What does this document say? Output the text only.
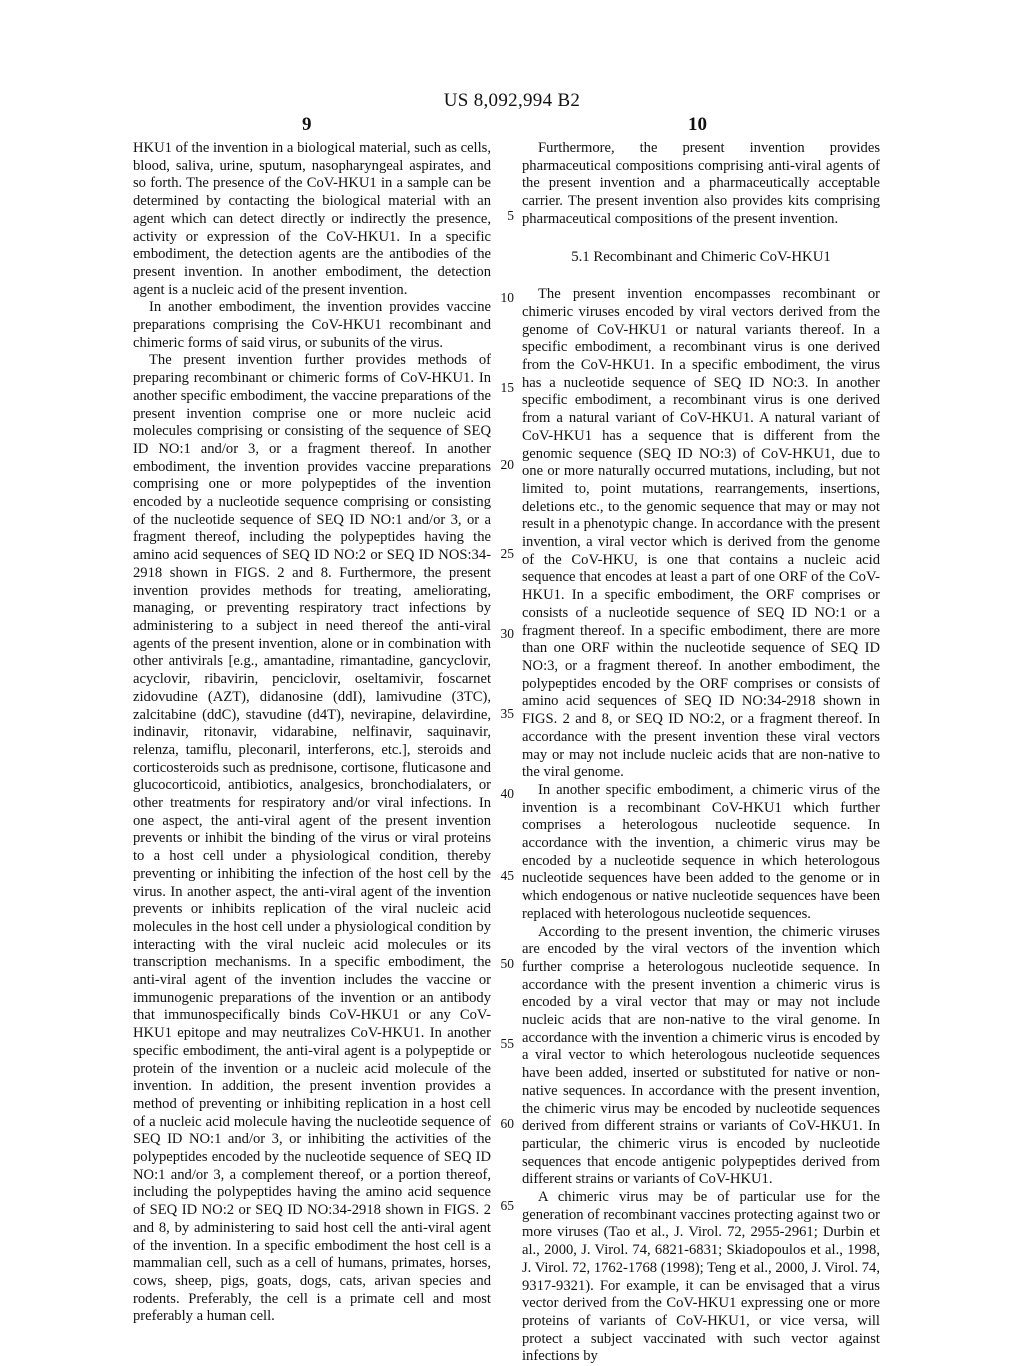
US 8,092,994 B2
9	10

HKU1 of the invention in a biological material, such as cells, blood, saliva, urine, sputum, nasopharyngeal aspirates, and so forth. The presence of the CoV-HKU1 in a sample can be determined by contacting the biological material with an agent which can detect directly or indirectly the presence, activity or expression of the CoV-HKU1. In a specific embodiment, the detection agents are the antibodies of the present invention. In another embodiment, the detection agent is a nucleic acid of the present invention.

In another embodiment, the invention provides vaccine preparations comprising the CoV-HKU1 recombinant and chimeric forms of said virus, or subunits of the virus.

The present invention further provides methods of preparing recombinant or chimeric forms of CoV-HKU1. In another specific embodiment, the vaccine preparations of the present invention comprise one or more nucleic acid molecules comprising or consisting of the sequence of SEQ ID NO:1 and/or 3, or a fragment thereof. In another embodiment, the invention provides vaccine preparations comprising one or more polypeptides of the invention encoded by a nucleotide sequence comprising or consisting of the nucleotide sequence of SEQ ID NO:1 and/or 3, or a fragment thereof, including the polypeptides having the amino acid sequences of SEQ ID NO:2 or SEQ ID NOS:34-2918 shown in FIGS. 2 and 8. Furthermore, the present invention provides methods for treating, ameliorating, managing, or preventing respiratory tract infections by administering to a subject in need thereof the anti-viral agents of the present invention, alone or in combination with other antivirals [e.g., amantadine, rimantadine, gancyclovir, acyclovir, ribavirin, penciclovir, oseltamivir, foscarnet zidovudine (AZT), didanosine (ddI), lamivudine (3TC), zalcitabine (ddC), stavudine (d4T), nevirapine, delavirdine, indinavir, ritonavir, vidarabine, nelfinavir, saquinavir, relenza, tamiflu, pleconaril, interferons, etc.], steroids and corticosteroids such as prednisone, cortisone, fluticasone and glucocorticoid, antibiotics, analgesics, bronchodialaters, or other treatments for respiratory and/or viral infections. In one aspect, the anti-viral agent of the present invention prevents or inhibit the binding of the virus or viral proteins to a host cell under a physiological condition, thereby preventing or inhibiting the infection of the host cell by the virus. In another aspect, the anti-viral agent of the invention prevents or inhibits replication of the viral nucleic acid molecules in the host cell under a physiological condition by interacting with the viral nucleic acid molecules or its transcription mechanisms. In a specific embodiment, the anti-viral agent of the invention includes the vaccine or immunogenic preparations of the invention or an antibody that immunospecifically binds CoV-HKU1 or any CoV-HKU1 epitope and may neutralizes CoV-HKU1. In another specific embodiment, the anti-viral agent is a polypeptide or protein of the invention or a nucleic acid molecule of the invention. In addition, the present invention provides a method of preventing or inhibiting replication in a host cell of a nucleic acid molecule having the nucleotide sequence of SEQ ID NO:1 and/or 3, or inhibiting the activities of the polypeptides encoded by the nucleotide sequence of SEQ ID NO:1 and/or 3, a complement thereof, or a portion thereof, including the polypeptides having the amino acid sequence of SEQ ID NO:2 or SEQ ID NO:34-2918 shown in FIGS. 2 and 8, by administering to said host cell the anti-viral agent of the invention. In a specific embodiment the host cell is a mammalian cell, such as a cell of humans, primates, horses, cows, sheep, pigs, goats, dogs, cats, arivan species and rodents. Preferably, the cell is a primate cell and most preferably a human cell.

Furthermore, the present invention provides pharmaceutical compositions comprising anti-viral agents of the present invention and a pharmaceutically acceptable carrier. The present invention also provides kits comprising pharmaceutical compositions of the present invention.

5.1 Recombinant and Chimeric CoV-HKU1

The present invention encompasses recombinant or chimeric viruses encoded by viral vectors derived from the genome of CoV-HKU1 or natural variants thereof. In a specific embodiment, a recombinant virus is one derived from the CoV-HKU1. In a specific embodiment, the virus has a nucleotide sequence of SEQ ID NO:3. In another specific embodiment, a recombinant virus is one derived from a natural variant of CoV-HKU1. A natural variant of CoV-HKU1 has a sequence that is different from the genomic sequence (SEQ ID NO:3) of CoV-HKU1, due to one or more naturally occurred mutations, including, but not limited to, point mutations, rearrangements, insertions, deletions etc., to the genomic sequence that may or may not result in a phenotypic change. In accordance with the present invention, a viral vector which is derived from the genome of the CoV-HKU, is one that contains a nucleic acid sequence that encodes at least a part of one ORF of the CoV-HKU1. In a specific embodiment, the ORF comprises or consists of a nucleotide sequence of SEQ ID NO:1 or a fragment thereof. In a specific embodiment, there are more than one ORF within the nucleotide sequence of SEQ ID NO:3, or a fragment thereof. In another embodiment, the polypeptides encoded by the ORF comprises or consists of amino acid sequences of SEQ ID NO:34-2918 shown in FIGS. 2 and 8, or SEQ ID NO:2, or a fragment thereof. In accordance with the present invention these viral vectors may or may not include nucleic acids that are non-native to the viral genome.

In another specific embodiment, a chimeric virus of the invention is a recombinant CoV-HKU1 which further comprises a heterologous nucleotide sequence. In accordance with the invention, a chimeric virus may be encoded by a nucleotide sequence in which heterologous nucleotide sequences have been added to the genome or in which endogenous or native nucleotide sequences have been replaced with heterologous nucleotide sequences.

According to the present invention, the chimeric viruses are encoded by the viral vectors of the invention which further comprise a heterologous nucleotide sequence. In accordance with the present invention a chimeric virus is encoded by a viral vector that may or may not include nucleic acids that are non-native to the viral genome. In accordance with the invention a chimeric virus is encoded by a viral vector to which heterologous nucleotide sequences have been added, inserted or substituted for native or non-native sequences. In accordance with the present invention, the chimeric virus may be encoded by nucleotide sequences derived from different strains or variants of CoV-HKU1. In particular, the chimeric virus is encoded by nucleotide sequences that encode antigenic polypeptides derived from different strains or variants of CoV-HKU1.

A chimeric virus may be of particular use for the generation of recombinant vaccines protecting against two or more viruses (Tao et al., J. Virol. 72, 2955-2961; Durbin et al., 2000, J. Virol. 74, 6821-6831; Skiadopoulos et al., 1998, J. Virol. 72, 1762-1768 (1998); Teng et al., 2000, J. Virol. 74, 9317-9321). For example, it can be envisaged that a virus vector derived from the CoV-HKU1 expressing one or more proteins of variants of CoV-HKU1, or vice versa, will protect a subject vaccinated with such vector against infections by

5
10
15
20
25
30
35
40
45
50
55
60
65
